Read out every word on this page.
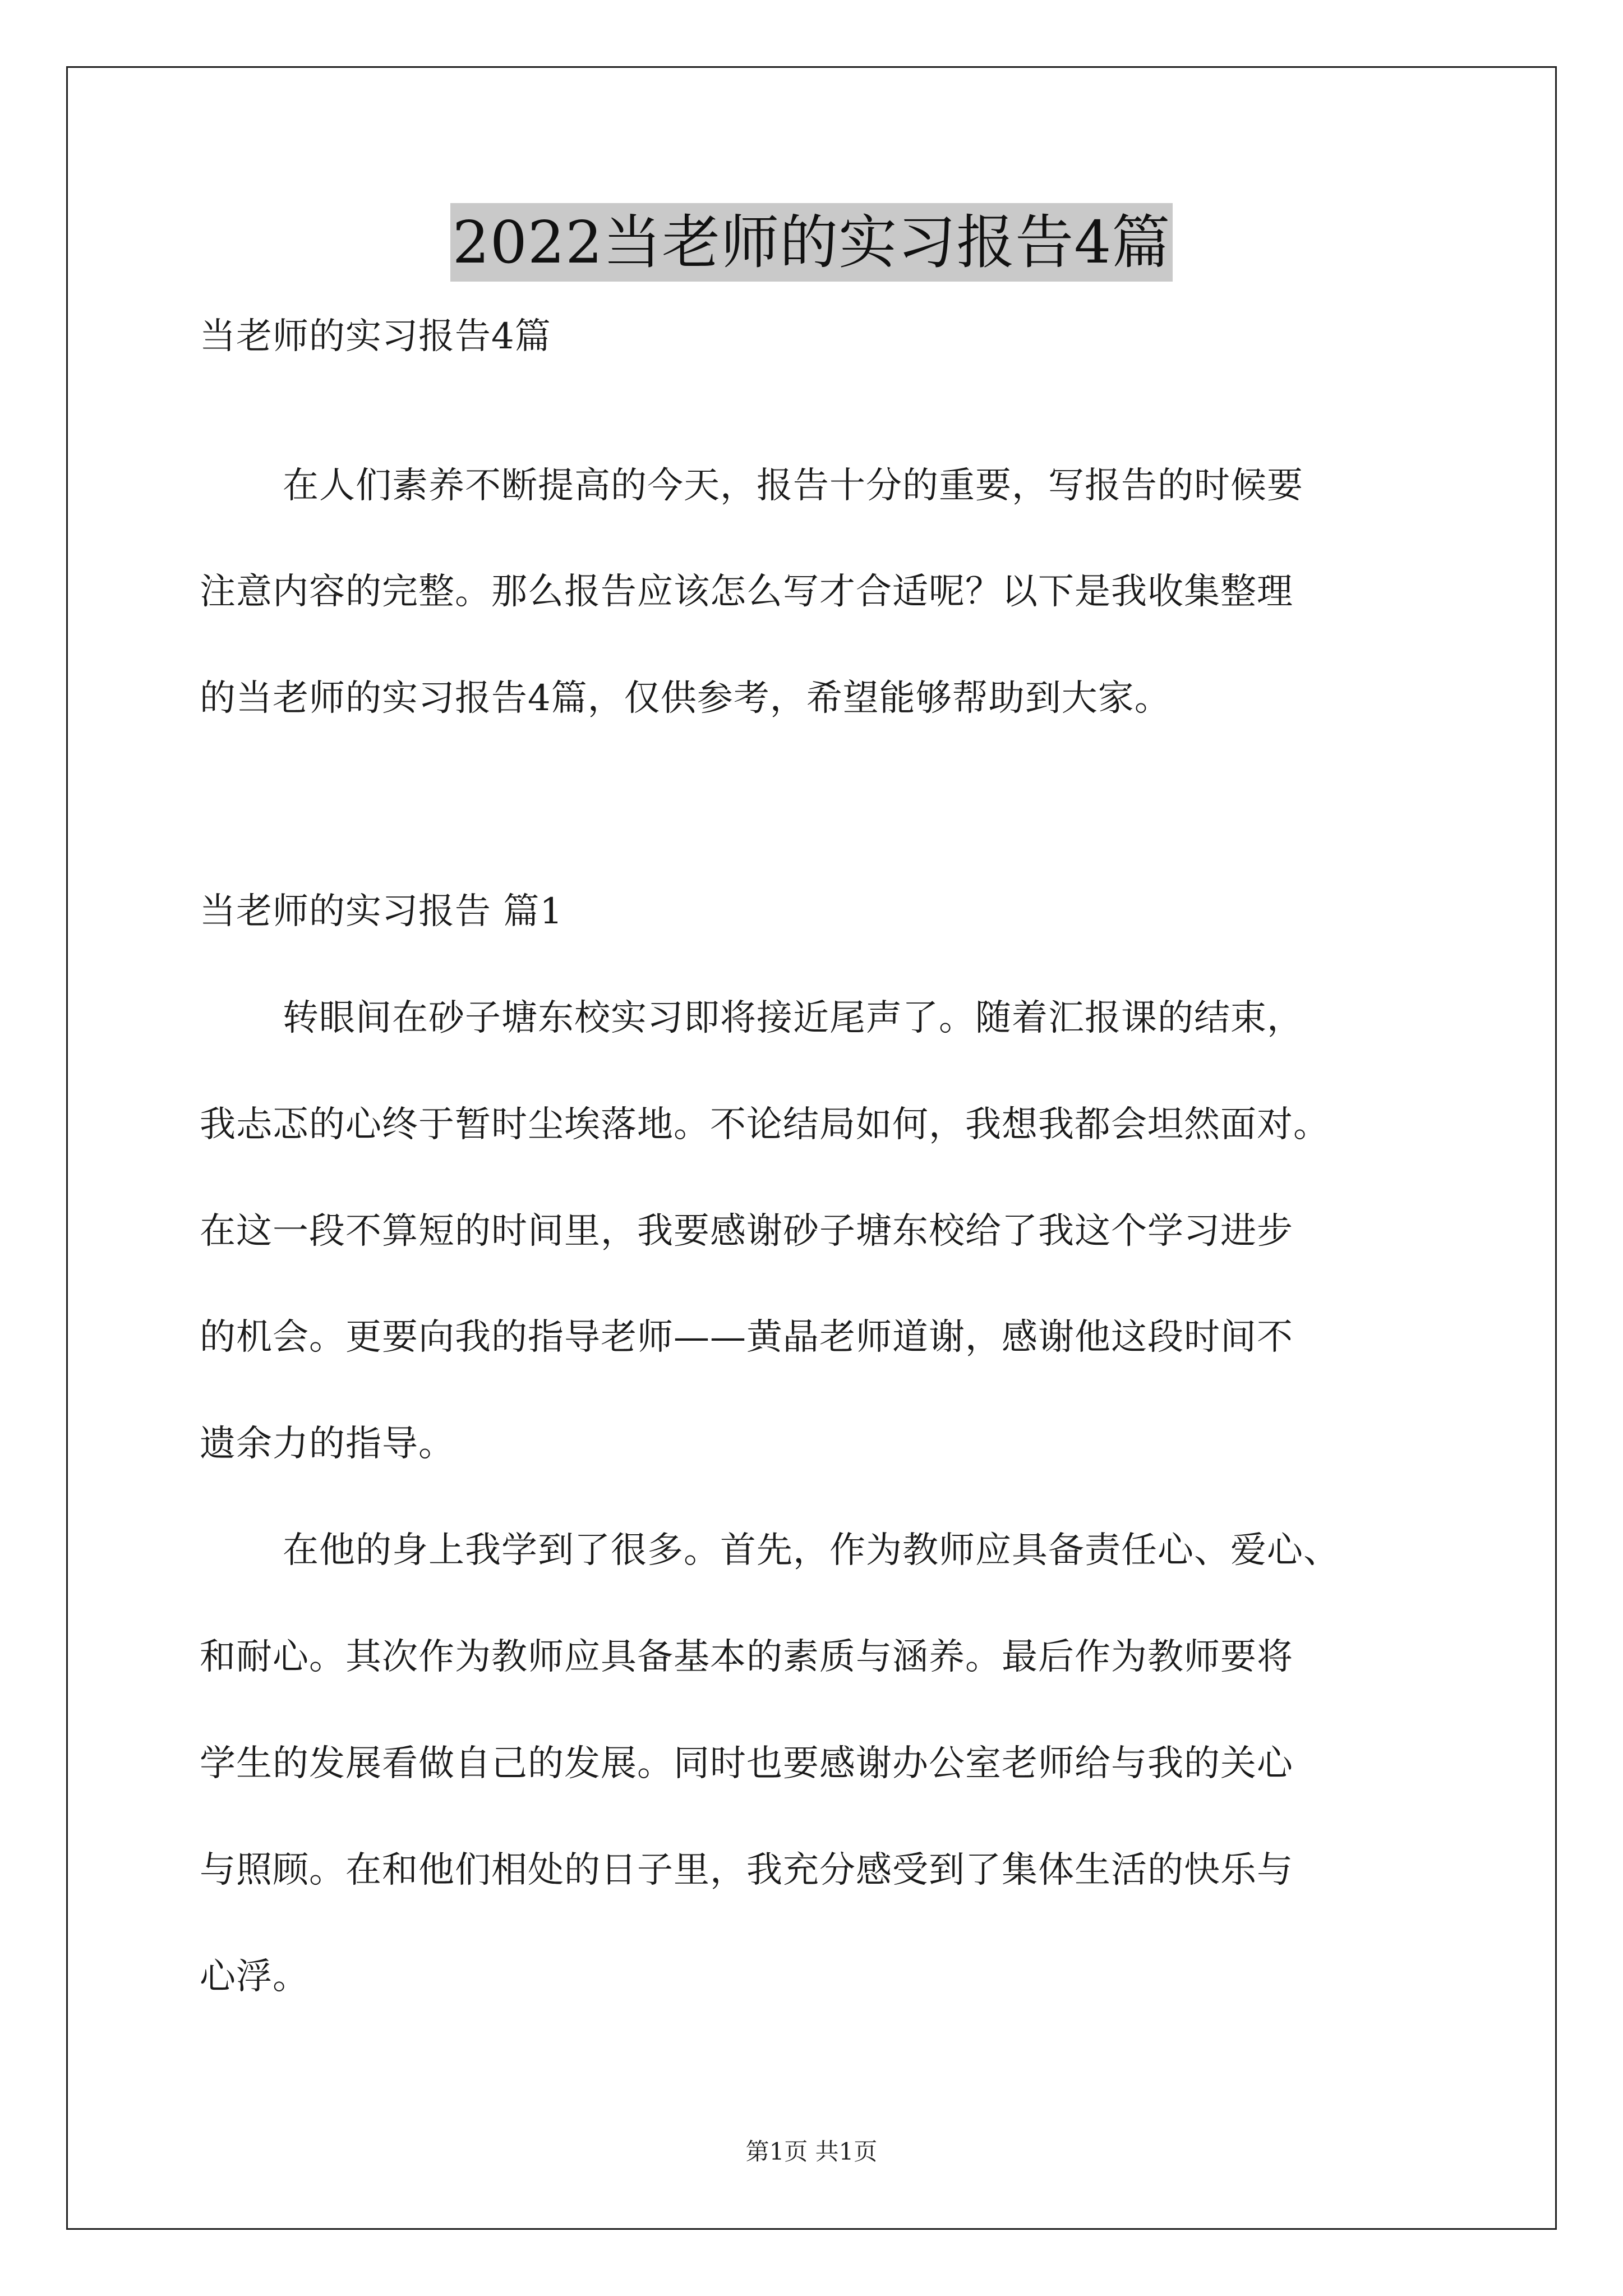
2022当老师的实习报告4篇
当老师的实习报告4篇
在人们素养不断提高的今天，报告十分的重要，写报告的时候要
注意内容的完整。那么报告应该怎么写才合适呢？以下是我收集整理
的当老师的实习报告4篇，仅供参考，希望能够帮助到大家。
当老师的实习报告 篇1
转眼间在砂子塘东校实习即将接近尾声了。随着汇报课的结束，
我忐忑的心终于暂时尘埃落地。不论结局如何，我想我都会坦然面对。
在这一段不算短的时间里，我要感谢砂子塘东校给了我这个学习进步
的机会。更要向我的指导老师——黄晶老师道谢，感谢他这段时间不
遗余力的指导。
在他的身上我学到了很多。首先，作为教师应具备责任心、爱心、
和耐心。其次作为教师应具备基本的素质与涵养。最后作为教师要将
学生的发展看做自己的发展。同时也要感谢办公室老师给与我的关心
与照顾。在和他们相处的日子里，我充分感受到了集体生活的快乐与
心浮。
第1页 共1页
